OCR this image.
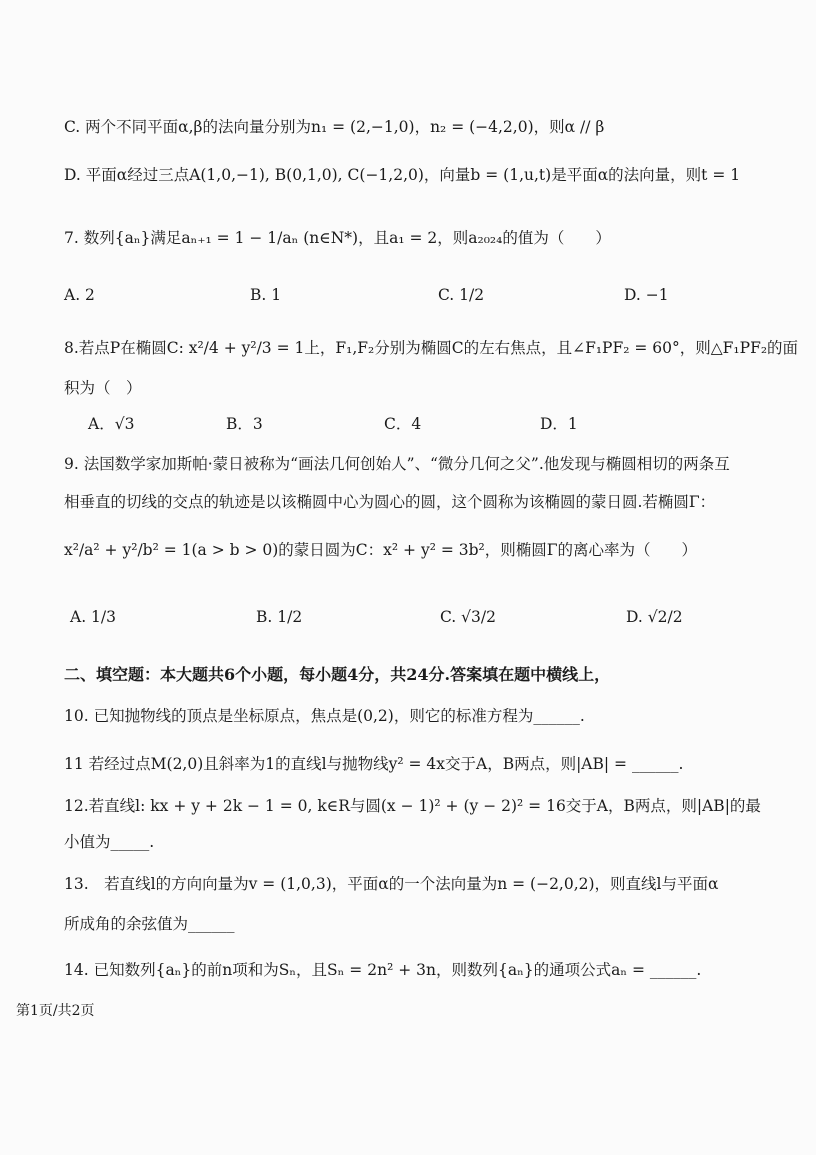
C. 两个不同平面α,β的法向量分别为n₁ = (2,−1,0)，n₂ = (−4,2,0)，则α // β
D. 平面α经过三点A(1,0,−1), B(0,1,0), C(−1,2,0)，向量b = (1,u,t)是平面α的法向量，则t = 1
7. 数列{aₙ}满足aₙ₊₁ = 1 − 1/aₙ (n∈N*)，且a₁ = 2，则a₂₀₂₄的值为（　　）
A. 2	B. 1	C. 1/2	D. −1
8.若点P在椭圆C: x²/4 + y²/3 = 1上，F₁,F₂分别为椭圆C的左右焦点，且∠F₁PF₂ = 60°，则△F₁PF₂的面
积为（　）
A．√3	B．3	C．4	D．1
9. 法国数学家加斯帕·蒙日被称为“画法几何创始人”、“微分几何之父”.他发现与椭圆相切的两条互
相垂直的切线的交点的轨迹是以该椭圆中心为圆心的圆，这个圆称为该椭圆的蒙日圆.若椭圆Γ：
x²/a² + y²/b² = 1(a > b > 0)的蒙日圆为C：x² + y² = 3b²，则椭圆Γ的离心率为（　　）
A. 1/3	B. 1/2	C. √3/2	D. √2/2
二、填空题：本大题共6个小题，每小题4分，共24分.答案填在题中横线上，
10. 已知抛物线的顶点是坐标原点，焦点是(0,2)，则它的标准方程为______.
11 若经过点M(2,0)且斜率为1的直线l与抛物线y² = 4x交于A，B两点，则|AB| = ______.
12.若直线l: kx + y + 2k − 1 = 0, k∈R与圆(x − 1)² + (y − 2)² = 16交于A，B两点，则|AB|的最
小值为_____.
13.　若直线l的方向向量为v = (1,0,3)，平面α的一个法向量为n = (−2,0,2)，则直线l与平面α
所成角的余弦值为______
14. 已知数列{aₙ}的前n项和为Sₙ，且Sₙ = 2n² + 3n，则数列{aₙ}的通项公式aₙ = ______.
第1页/共2页
